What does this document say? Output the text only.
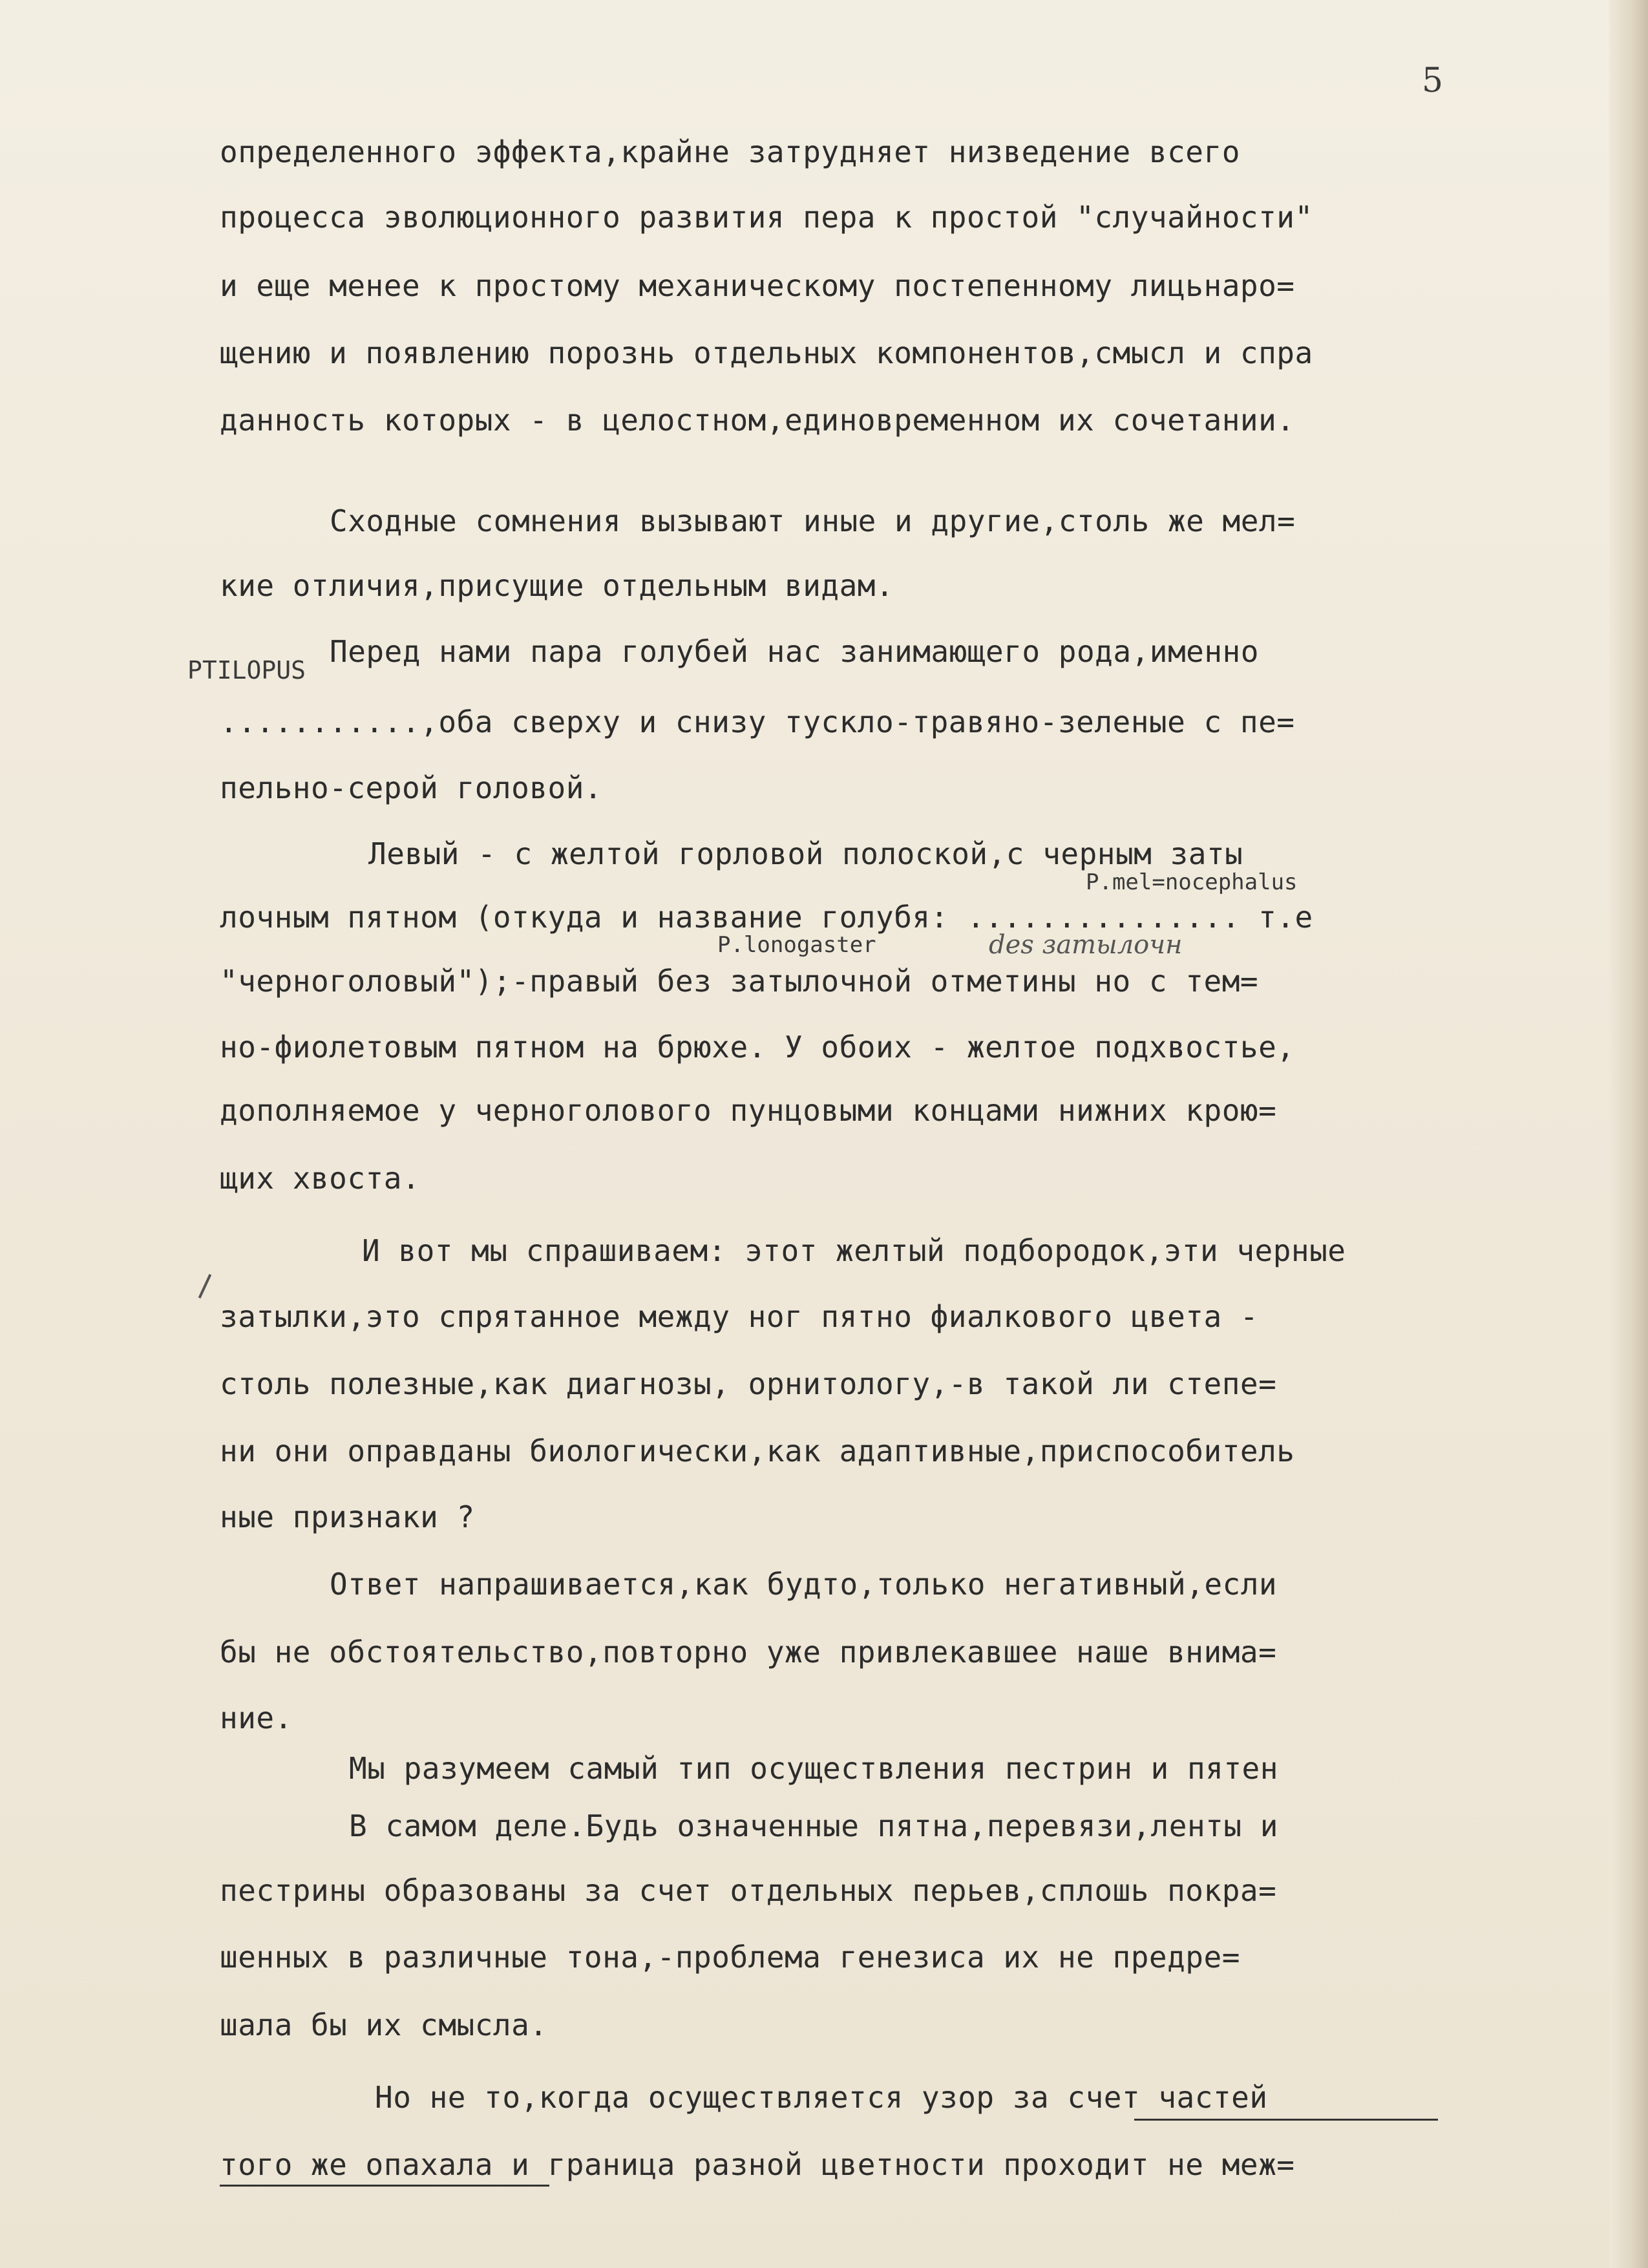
5
определенного эффекта,крайне затрудняет низведение всего
процесса эволюционного развития пера к простой "случайности"
и еще менее к простому механическому постепенному лицьнаро=
щению и появлению порознь отдельных компонентов,смысл и спра
данность которых - в целостном,единовременном их сочетании.
Сходные сомнения вызывают иные и другие,столь же мел=
кие отличия,присущие отдельным видам.
Перед нами пара голубей нас занимающего рода,именно
PTILOPUS
...........,оба сверху и снизу тускло-травяно-зеленые с пе=
пельно-серой головой.
Левый - с желтой горловой полоской,с черным заты
P.mel=nocephalus
лочным пятном (откуда и название голубя: ............... т.е
P.lonogaster	des затылочн
"черноголовый");-правый без затылочной отметины но с тем=
но-фиолетовым пятном на брюхе. У обоих - желтое подхвостье,
дополняемое у черноголового пунцовыми концами нижних крою=
щих хвоста.
И вот мы спрашиваем: этот желтый подбородок,эти черные
затылки,это спрятанное между ног пятно фиалкового цвета -
столь полезные,как диагнозы, орнитологу,-в такой ли степе=
ни они оправданы биологически,как адаптивные,приспособитель
ные признаки ?
Ответ напрашивается,как будто,только негативный,если
бы не обстоятельство,повторно уже привлекавшее наше внима=
ние.
Мы разумеем самый тип осуществления пестрин и пятен
В самом деле.Будь означенные пятна,перевязи,ленты и
пестрины образованы за счет отдельных перьев,сплошь покра=
шенных в различные тона,-проблема генезиса их не предре=
шала бы их смысла.
Но не то,когда осуществляется узор за счет частей
того же опахала и граница разной цветности проходит не меж=
